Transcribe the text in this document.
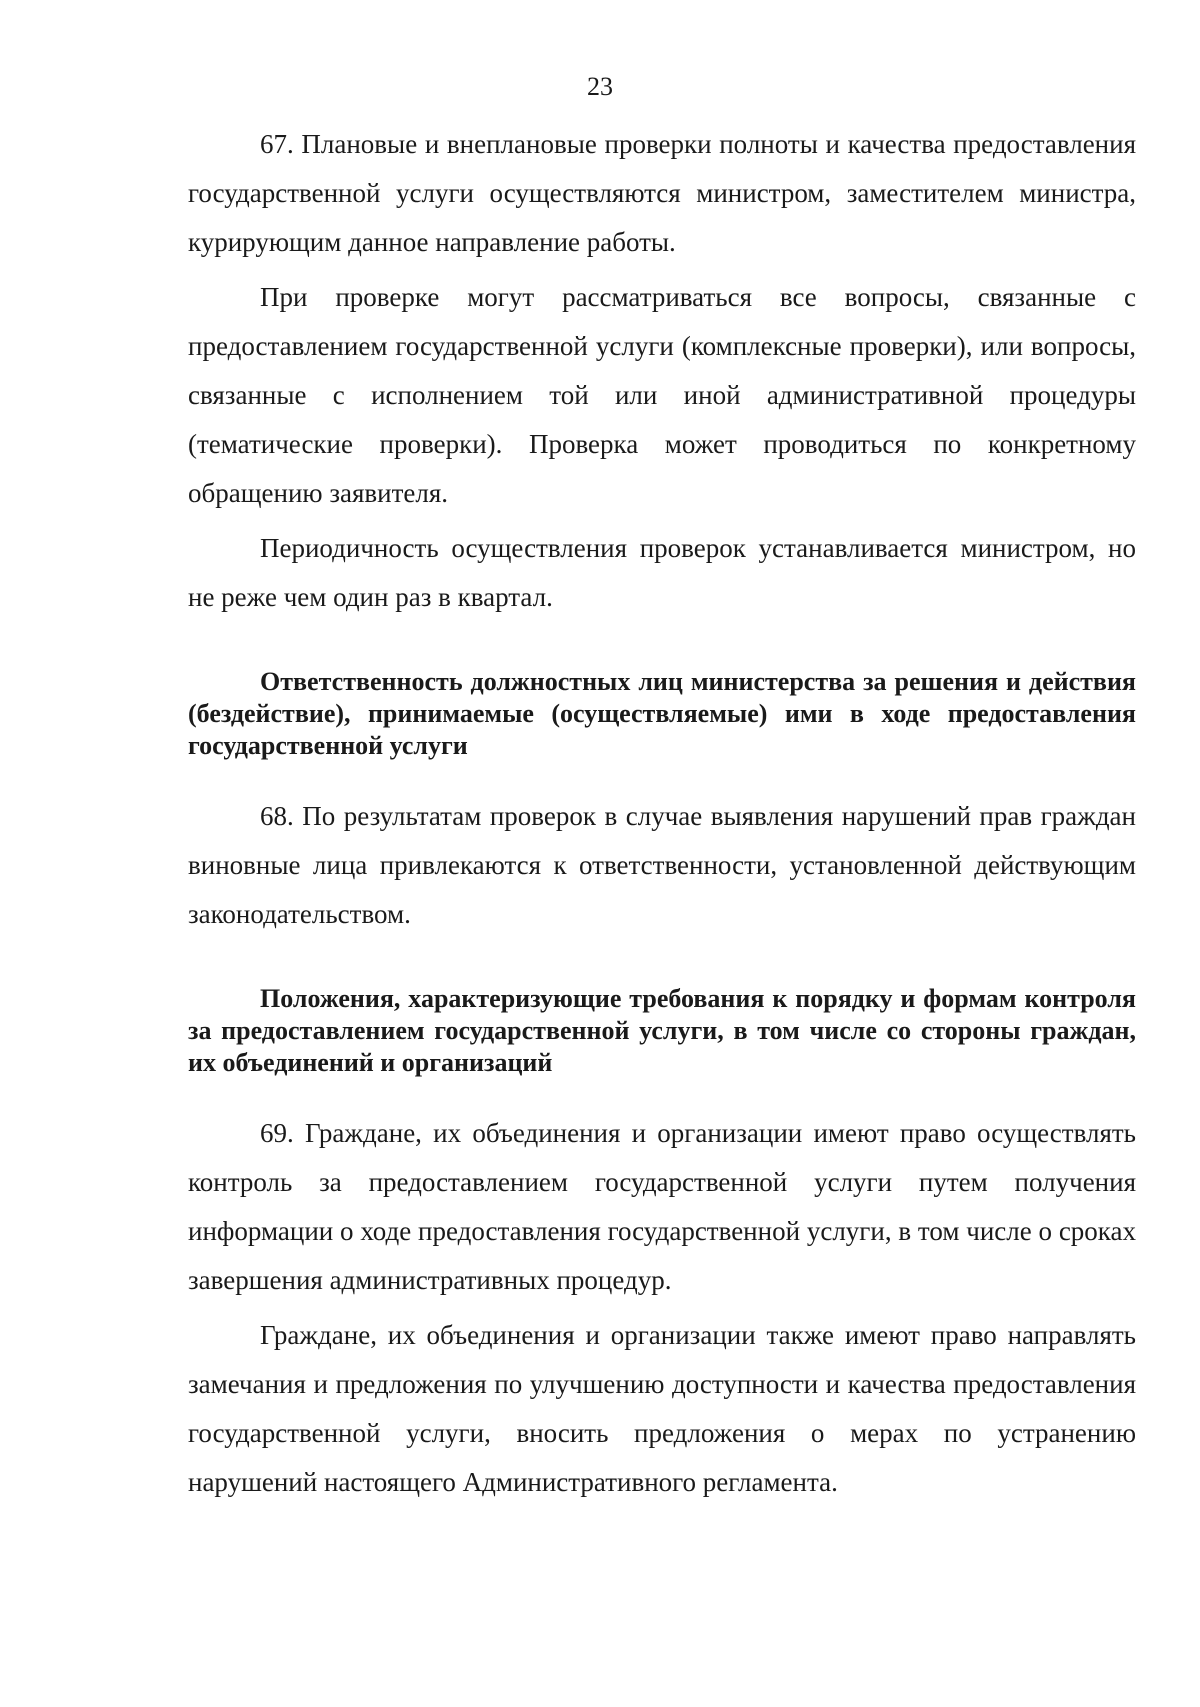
23

67. Плановые и внеплановые проверки полноты и качества предоставления государственной услуги осуществляются министром, заместителем министра, курирующим данное направление работы.

При проверке могут рассматриваться все вопросы, связанные с предоставлением государственной услуги (комплексные проверки), или вопросы, связанные с исполнением той или иной административной процедуры (тематические проверки). Проверка может проводиться по конкретному обращению заявителя.

Периодичность осуществления проверок устанавливается министром, но не реже чем один раз в квартал.

Ответственность должностных лиц министерства за решения и действия (бездействие), принимаемые (осуществляемые) ими в ходе предоставления государственной услуги

68. По результатам проверок в случае выявления нарушений прав граждан виновные лица привлекаются к ответственности, установленной действующим законодательством.

Положения, характеризующие требования к порядку и формам контроля за предоставлением государственной услуги, в том числе со стороны граждан, их объединений и организаций

69. Граждане, их объединения и организации имеют право осуществлять контроль за предоставлением государственной услуги путем получения информации о ходе предоставления государственной услуги, в том числе о сроках завершения административных процедур.

Граждане, их объединения и организации также имеют право направлять замечания и предложения по улучшению доступности и качества предоставления государственной услуги, вносить предложения о мерах по устранению нарушений настоящего Административного регламента.
